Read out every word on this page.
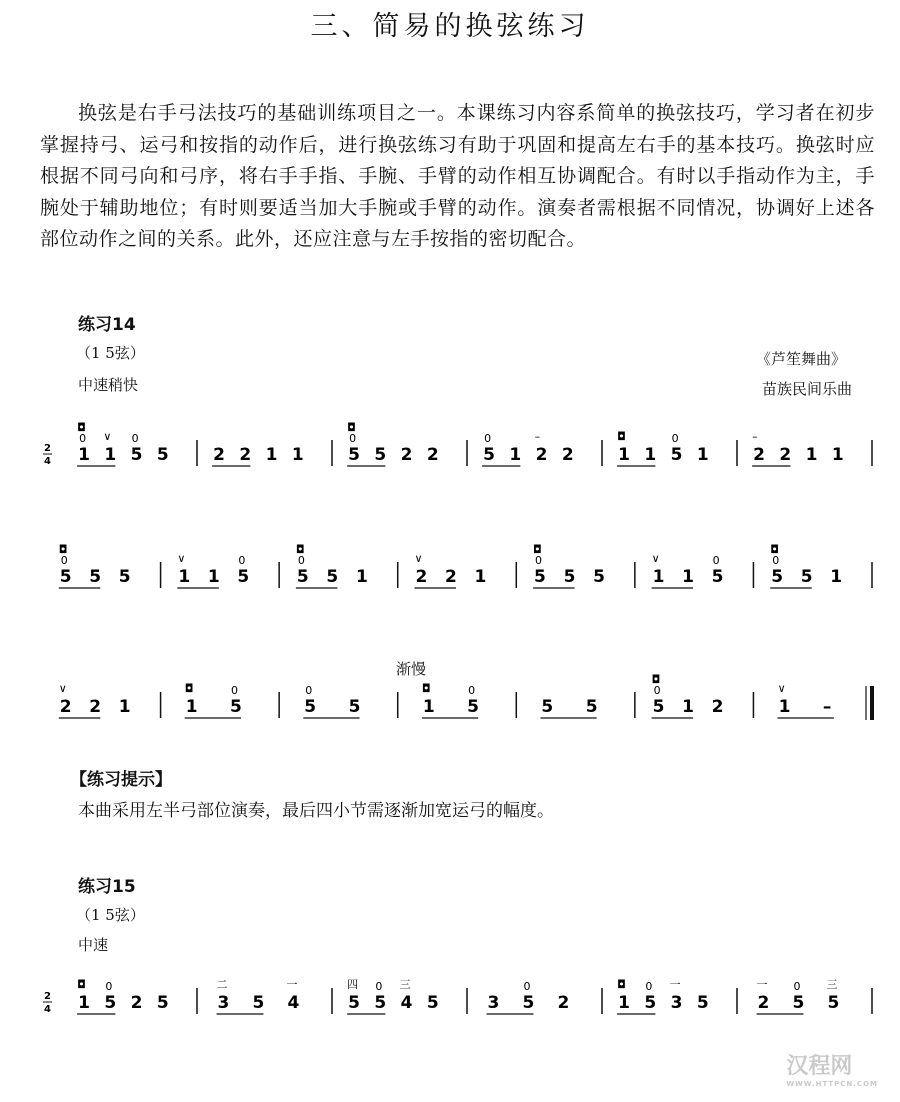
三、简易的换弦练习
换弦是右手弓法技巧的基础训练项目之一。本课练习内容系简单的换弦技巧，学习者在初步掌握持弓、运弓和按指的动作后，进行换弦练习有助于巩固和提高左右手的基本技巧。换弦时应根据不同弓向和弓序，将右手手指、手腕、手臂的动作相互协调配合。有时以手指动作为主，手腕处于辅助地位；有时则要适当加大手腕或手臂的动作。演奏者需根据不同情况，协调好上述各部位动作之间的关系。此外，还应注意与左手按指的密切配合。
练习14
（1 5弦）
中速稍快
《芦笙舞曲》
苗族民间乐曲
2
4 1
0
◘
1
∨
5
0
5	2 2 1 1	5
0
◘
5 2 2	5
0
1 2
–
2	1
◘
1 5
0
1	2
–
2 1 1
5
0
◘
5 5	1
∨
1 5
0
5
0
◘
5 1	2
∨
2 1	5
0
◘
5 5	1
∨
1 5
0
5
0
◘
5 1
渐慢
2
∨
2 1	1
◘
5
0
5
0
5	1
◘
5
0
5 5	5
0
◘
1 2	1
∨
–
【练习提示】
本曲采用左半弓部位演奏，最后四小节需逐渐加宽运弓的幅度。
练习15
（1 5弦）
中速
2
4 1
◘
5
0
2 5	3
二
5 4
一
5
四
5
0
4
三
5	3 5
0
2	1
◘
5
0
3
一
5	2
一
5
0
5
三
汉程网
WWW.HTTPCN.COM
